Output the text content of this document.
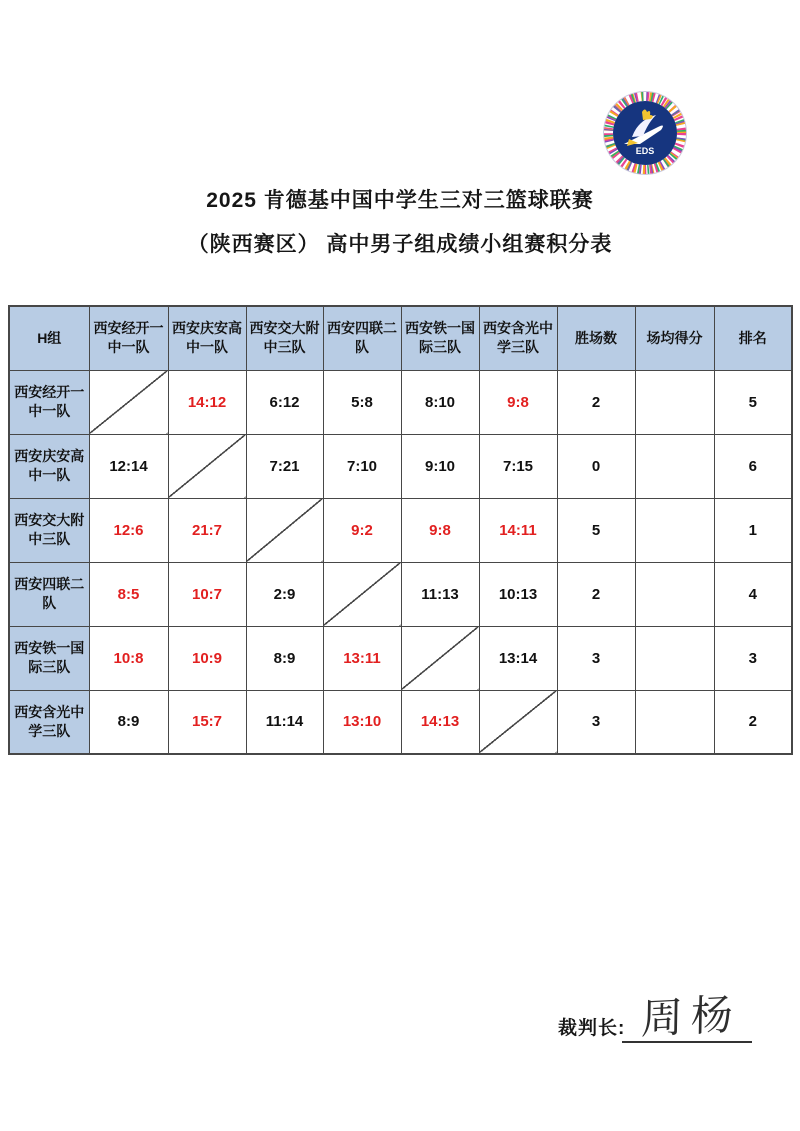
EDS
2025 肯德基中国中学生三对三篮球联赛
（陕西赛区） 高中男子组成绩小组赛积分表
H组	西安经开一中一队	西安庆安高中一队	西安交大附中三队	西安四联二队	西安铁一国际三队	西安含光中学三队	胜场数	场均得分	排名
西安经开一中一队		14:12	6:12	5:8	8:10	9:8	2		5
西安庆安高中一队	12:14		7:21	7:10	9:10	7:15	0		6
西安交大附中三队	12:6	21:7		9:2	9:8	14:11	5		1
西安四联二队	8:5	10:7	2:9		11:13	10:13	2		4
西安铁一国际三队	10:8	10:9	8:9	13:11		13:14	3		3
西安含光中学三队	8:9	15:7	11:14	13:10	14:13		3		2
裁判长: 周杨
